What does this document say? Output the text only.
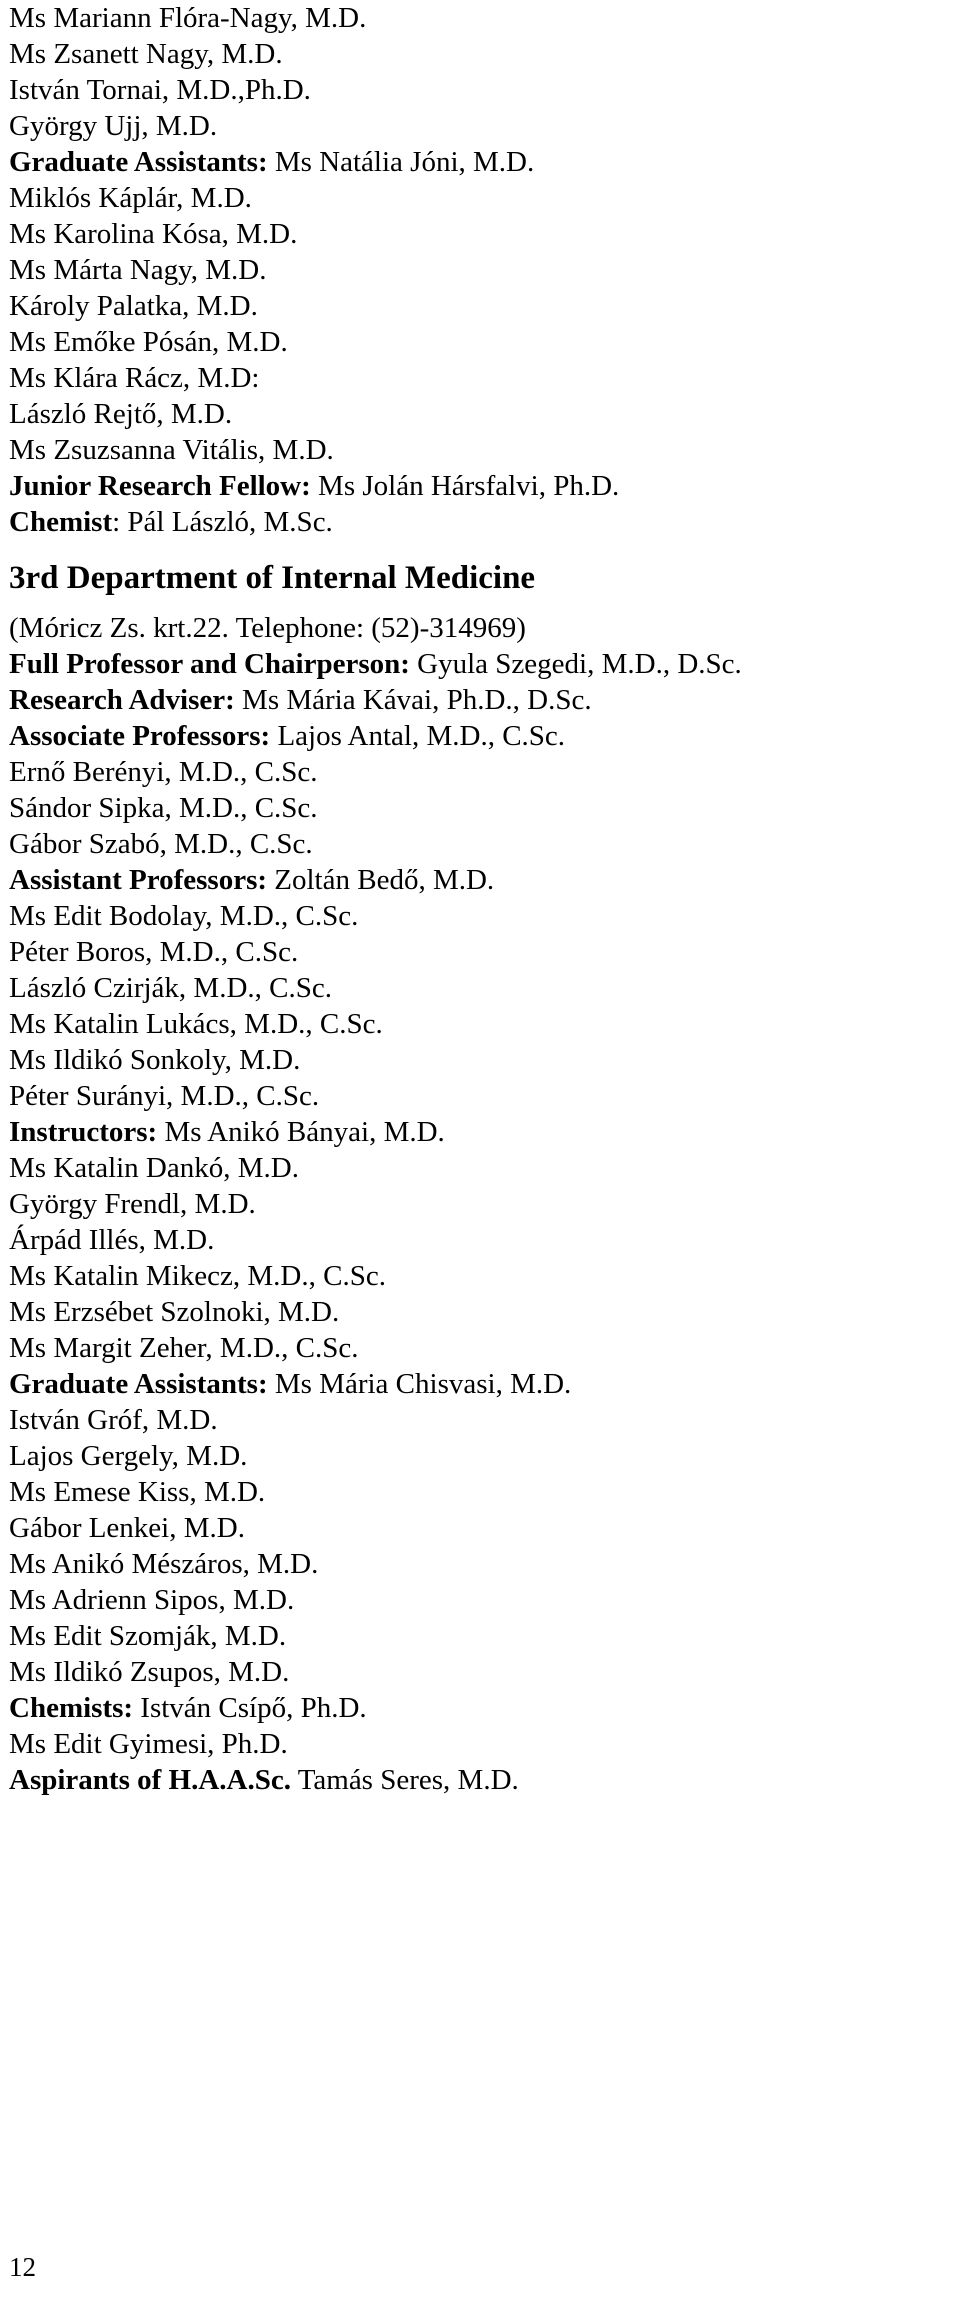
Ms Mariann Flóra-Nagy, M.D.
Ms Zsanett Nagy, M.D.
István Tornai, M.D.,Ph.D.
György Ujj, M.D.
Graduate Assistants: Ms Natália Jóni, M.D.
Miklós Káplár, M.D.
Ms Karolina Kósa, M.D.
Ms Márta Nagy, M.D.
Károly Palatka, M.D.
Ms Emőke Pósán, M.D.
Ms Klára Rácz, M.D:
László Rejtő, M.D.
Ms Zsuzsanna Vitális, M.D.
Junior Research Fellow: Ms Jolán Hársfalvi, Ph.D.
Chemist: Pál László, M.Sc.
3rd Department of Internal Medicine
(Móricz Zs. krt.22. Telephone: (52)-314969)
Full Professor and Chairperson: Gyula Szegedi, M.D., D.Sc.
Research Adviser: Ms Mária Kávai, Ph.D., D.Sc.
Associate Professors: Lajos Antal, M.D., C.Sc.
Ernő Berényi, M.D., C.Sc.
Sándor Sipka, M.D., C.Sc.
Gábor Szabó, M.D., C.Sc.
Assistant Professors: Zoltán Bedő, M.D.
Ms Edit Bodolay, M.D., C.Sc.
Péter Boros, M.D., C.Sc.
László Czirják, M.D., C.Sc.
Ms Katalin Lukács, M.D., C.Sc.
Ms Ildikó Sonkoly, M.D.
Péter Surányi, M.D., C.Sc.
Instructors: Ms Anikó Bányai, M.D.
Ms Katalin Dankó, M.D.
György Frendl, M.D.
Árpád Illés, M.D.
Ms Katalin Mikecz, M.D., C.Sc.
Ms Erzsébet Szolnoki, M.D.
Ms Margit Zeher, M.D., C.Sc.
Graduate Assistants: Ms Mária Chisvasi, M.D.
István Gróf, M.D.
Lajos Gergely, M.D.
Ms Emese Kiss, M.D.
Gábor Lenkei, M.D.
Ms Anikó Mészáros, M.D.
Ms Adrienn Sipos, M.D.
Ms Edit Szomják, M.D.
Ms Ildikó Zsupos, M.D.
Chemists: István Csípő, Ph.D.
Ms Edit Gyimesi, Ph.D.
Aspirants of H.A.A.Sc. Tamás Seres, M.D.
12
